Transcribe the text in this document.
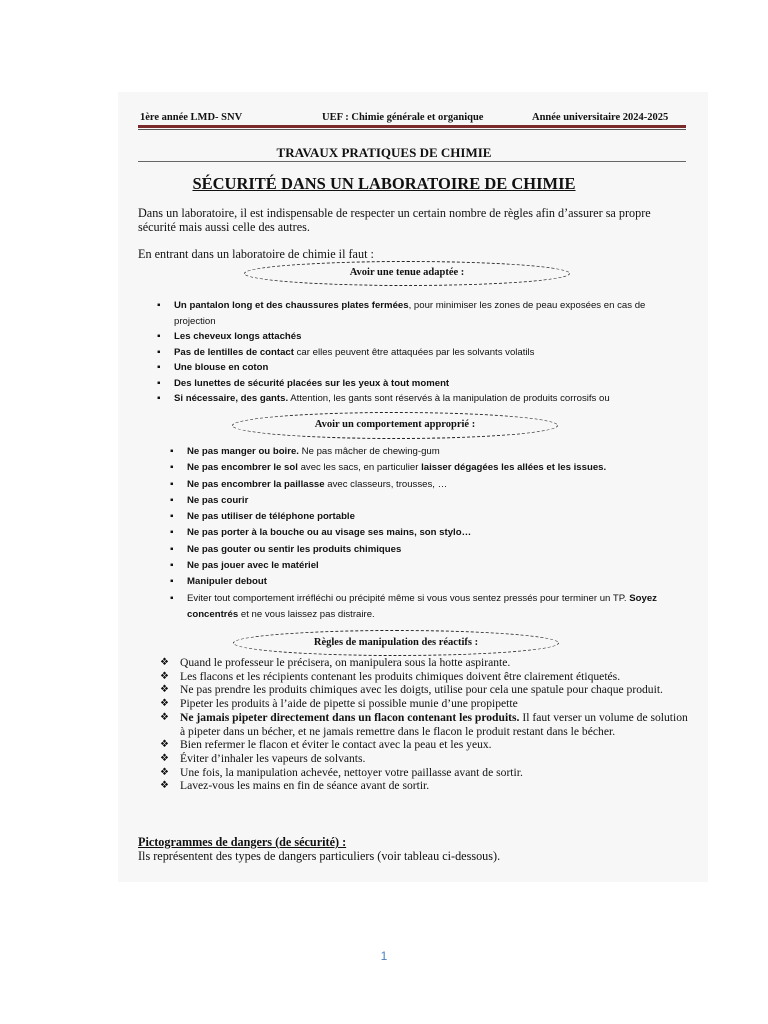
1ère année LMD- SNV	UEF : Chimie générale et organique	Année universitaire 2024-2025
TRAVAUX PRATIQUES DE CHIMIE
SÉCURITÉ DANS UN LABORATOIRE DE CHIMIE
Dans un laboratoire, il est indispensable de respecter un certain nombre de règles afin d’assurer sa propre sécurité mais aussi celle des autres.
En entrant dans un laboratoire de chimie il faut :
Avoir une tenue adaptée :
▪ Un pantalon long et des chaussures plates fermées, pour minimiser les zones de peau exposées en cas de projection
▪ Les cheveux longs attachés
▪ Pas de lentilles de contact car elles peuvent être attaquées par les solvants volatils
▪ Une blouse en coton
▪ Des lunettes de sécurité placées sur les yeux à tout moment
▪ Si nécessaire, des gants. Attention, les gants sont réservés à la manipulation de produits corrosifs ou
Avoir un comportement approprié :
▪ Ne pas manger ou boire. Ne pas mâcher de chewing-gum
▪ Ne pas encombrer le sol avec les sacs, en particulier laisser dégagées les allées et les issues.
▪ Ne pas encombrer la paillasse avec classeurs, trousses, …
▪ Ne pas courir
▪ Ne pas utiliser de téléphone portable
▪ Ne pas porter à la bouche ou au visage ses mains, son stylo…
▪ Ne pas gouter ou sentir les produits chimiques
▪ Ne pas jouer avec le matériel
▪ Manipuler debout
▪ Eviter tout comportement irréfléchi ou précipité même si vous vous sentez pressés pour terminer un TP. Soyez concentrés et ne vous laissez pas distraire.
Règles de manipulation des réactifs :
❖ Quand le professeur le précisera, on manipulera sous la hotte aspirante.
❖ Les flacons et les récipients contenant les produits chimiques doivent être clairement étiquetés.
❖ Ne pas prendre les produits chimiques avec les doigts, utilise pour cela une spatule pour chaque produit.
❖ Pipeter les produits à l’aide de pipette si possible munie d’une propipette
❖ Ne jamais pipeter directement dans un flacon contenant les produits. Il faut verser un volume de solution à pipeter dans un bécher, et ne jamais remettre dans le flacon le produit restant dans le bécher.
❖ Bien refermer le flacon et éviter le contact avec la peau et les yeux.
❖ Éviter d’inhaler les vapeurs de solvants.
❖ Une fois, la manipulation achevée, nettoyer votre paillasse avant de sortir.
❖ Lavez-vous les mains en fin de séance avant de sortir.
Pictogrammes de dangers (de sécurité) :
Ils représentent des types de dangers particuliers (voir tableau ci-dessous).
1
